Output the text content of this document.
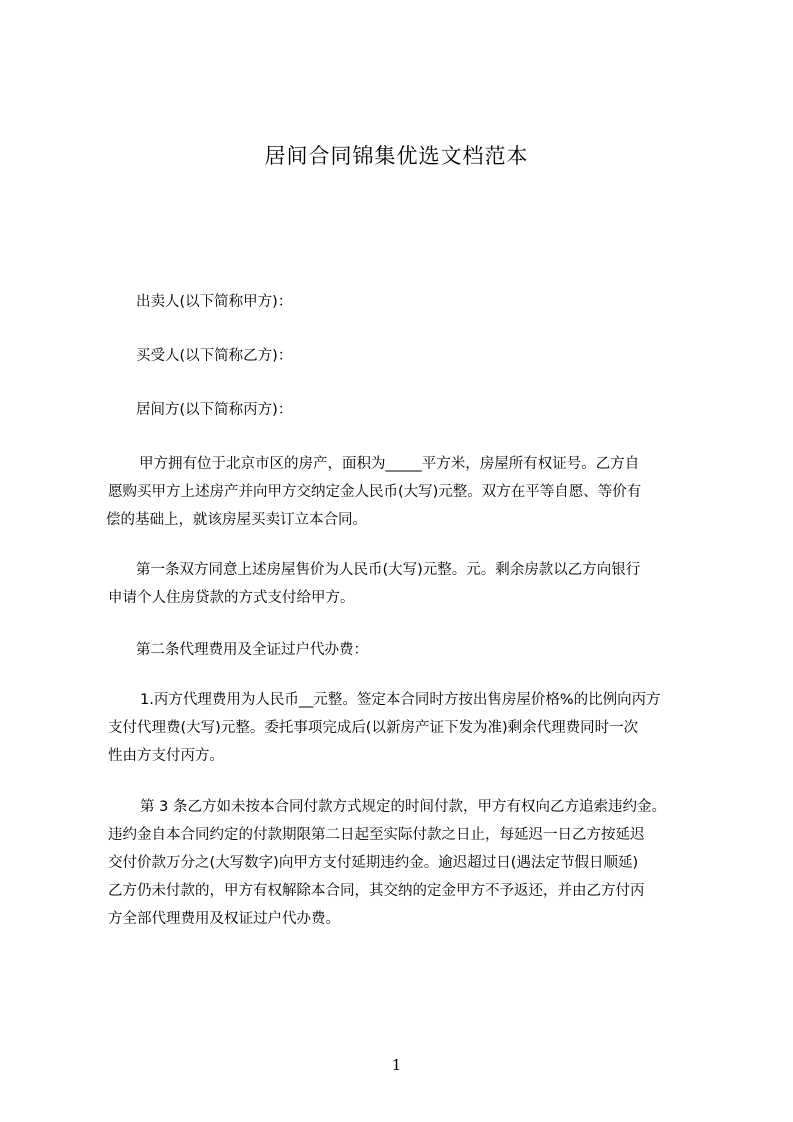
居间合同锦集优选文档范本
出卖人(以下简称甲方)：
买受人(以下简称乙方)：
居间方(以下简称丙方)：
甲方拥有位于北京市区的房产，面积为_____平方米，房屋所有权证号。乙方自
愿购买甲方上述房产并向甲方交纳定金人民币(大写)元整。双方在平等自愿、等价有
偿的基础上，就该房屋买卖订立本合同。
第一条双方同意上述房屋售价为人民币(大写)元整。元。剩余房款以乙方向银行
申请个人住房贷款的方式支付给甲方。
第二条代理费用及全证过户代办费：
1.丙方代理费用为人民币__元整。签定本合同时方按出售房屋价格%的比例向丙方
支付代理费(大写)元整。委托事项完成后(以新房产证下发为准)剩余代理费同时一次
性由方支付丙方。
第 3 条乙方如未按本合同付款方式规定的时间付款，甲方有权向乙方追索违约金。
违约金自本合同约定的付款期限第二日起至实际付款之日止，每延迟一日乙方按延迟
交付价款万分之(大写数字)向甲方支付延期违约金。逾迟超过日(遇法定节假日顺延)
乙方仍未付款的，甲方有权解除本合同，其交纳的定金甲方不予返还，并由乙方付丙
方全部代理费用及权证过户代办费。
1
